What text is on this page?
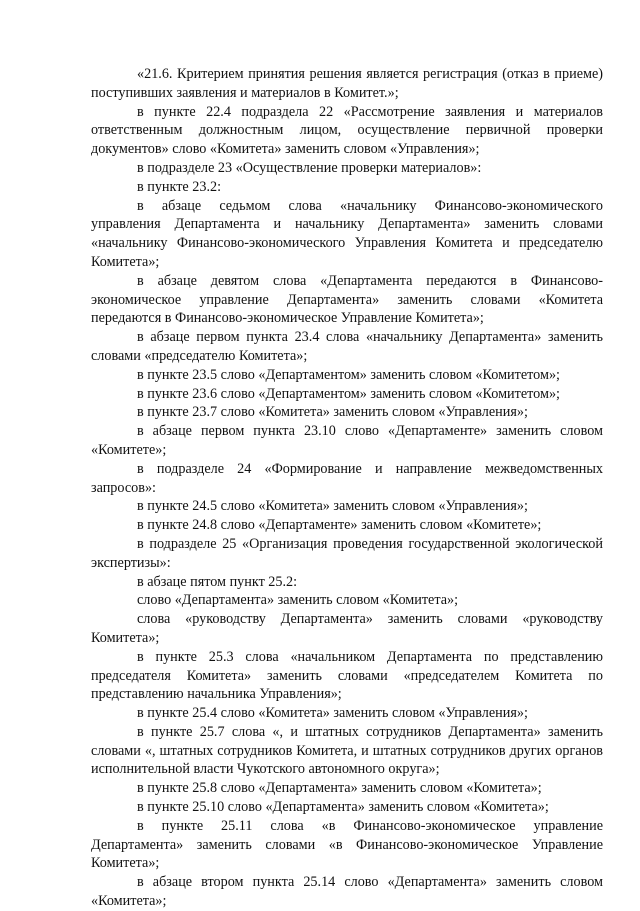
«21.6. Критерием принятия решения является регистрация (отказ в приеме) поступивших заявления и материалов в Комитет.»;

в пункте 22.4 подраздела 22 «Рассмотрение заявления и материалов ответственным должностным лицом, осуществление первичной проверки документов» слово «Комитета» заменить словом «Управления»;

в подразделе 23 «Осуществление проверки материалов»:

в пункте 23.2:

в абзаце седьмом слова «начальнику Финансово-экономического управления Департамента и начальнику Департамента» заменить словами «начальнику Финансово-экономического Управления Комитета и председателю Комитета»;

в абзаце девятом слова «Департамента передаются в Финансово-экономическое управление Департамента» заменить словами «Комитета передаются в Финансово-экономическое Управление Комитета»;

в абзаце первом пункта 23.4 слова «начальнику Департамента» заменить словами «председателю Комитета»;

в пункте 23.5 слово «Департаментом» заменить словом «Комитетом»;

в пункте 23.6 слово «Департаментом» заменить словом «Комитетом»;

в пункте 23.7 слово «Комитета» заменить словом «Управления»;

в абзаце первом пункта 23.10 слово «Департаменте» заменить словом «Комитете»;

в подразделе 24 «Формирование и направление межведомственных запросов»:

в пункте 24.5 слово «Комитета» заменить словом «Управления»;

в пункте 24.8 слово «Департаменте» заменить словом «Комитете»;

в подразделе 25 «Организация проведения государственной экологической экспертизы»:

в абзаце пятом пункт 25.2:

слово «Департамента» заменить словом «Комитета»;

слова «руководству Департамента» заменить словами «руководству Комитета»;

в пункте 25.3 слова «начальником Департамента по представлению председателя Комитета» заменить словами «председателем Комитета по представлению начальника Управления»;

в пункте 25.4 слово «Комитета» заменить словом «Управления»;

в пункте 25.7 слова «, и штатных сотрудников Департамента» заменить словами «, штатных сотрудников Комитета, и штатных сотрудников других органов исполнительной власти Чукотского автономного округа»;

в пункте 25.8 слово «Департамента» заменить словом «Комитета»;

в пункте 25.10 слово «Департамента» заменить словом «Комитета»;

в пункте 25.11 слова «в Финансово-экономическое управление Департамента» заменить словами «в Финансово-экономическое Управление Комитета»;

в абзаце втором пункта 25.14 слово «Департамента» заменить словом «Комитета»;
